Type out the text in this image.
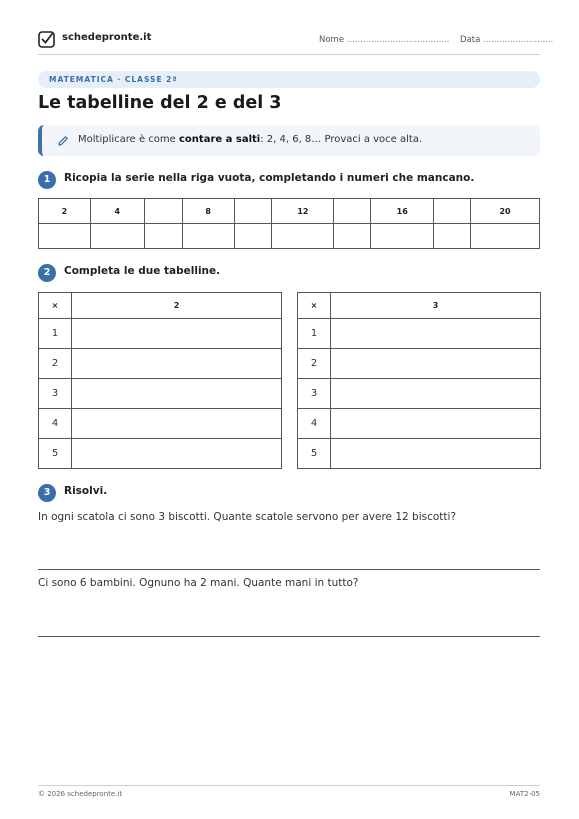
schedepronte.it	Nome ...................................... Data ..........................
MATEMATICA · CLASSE 2ª
Le tabelline del 2 e del 3
Moltiplicare è come contare a salti: 2, 4, 6, 8… Provaci a voce alta.
1	Ricopia la serie nella riga vuota, completando i numeri che mancano.
2	4		8		12		16		20

2	Completa le due tabelline.
×	2
1	
2	
3	
4	
5	
×	3
1	
2	
3	
4	
5	
3	Risolvi.
In ogni scatola ci sono 3 biscotti. Quante scatole servono per avere 12 biscotti?
Ci sono 6 bambini. Ognuno ha 2 mani. Quante mani in tutto?
© 2026 schedepronte.it	MAT2-05
